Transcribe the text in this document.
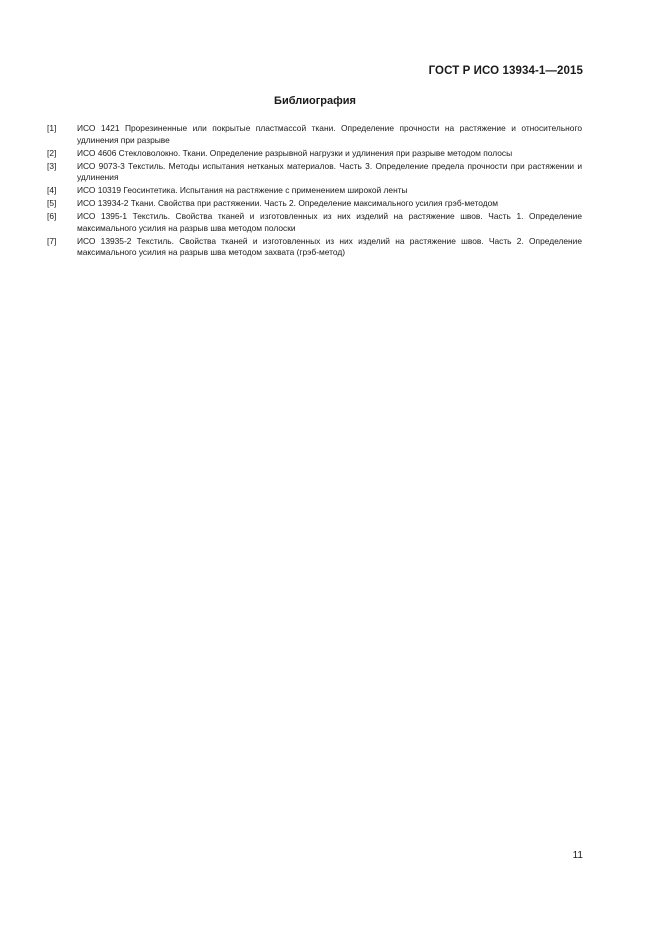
ГОСТ Р ИСО 13934-1—2015
Библиография
[1]	ИСО 1421 Прорезиненные или покрытые пластмассой ткани. Определение прочности на растяжение и относительного удлинения при разрыве
[2]	ИСО 4606 Стекловолокно. Ткани. Определение разрывной нагрузки и удлинения при разрыве методом полосы
[3]	ИСО 9073-3 Текстиль. Методы испытания нетканых материалов. Часть 3. Определение предела прочности при растяжении и удлинения
[4]	ИСО 10319 Геосинтетика. Испытания на растяжение с применением широкой ленты
[5]	ИСО 13934-2 Ткани. Свойства при растяжении. Часть 2. Определение максимального усилия грэб-методом
[6]	ИСО 1395-1 Текстиль. Свойства тканей и изготовленных из них изделий на растяжение швов. Часть 1. Определение максимального усилия на разрыв шва методом полоски
[7]	ИСО 13935-2 Текстиль. Свойства тканей и изготовленных из них изделий на растяжение швов. Часть 2. Определение максимального усилия на разрыв шва методом захвата (грэб-метод)
11
